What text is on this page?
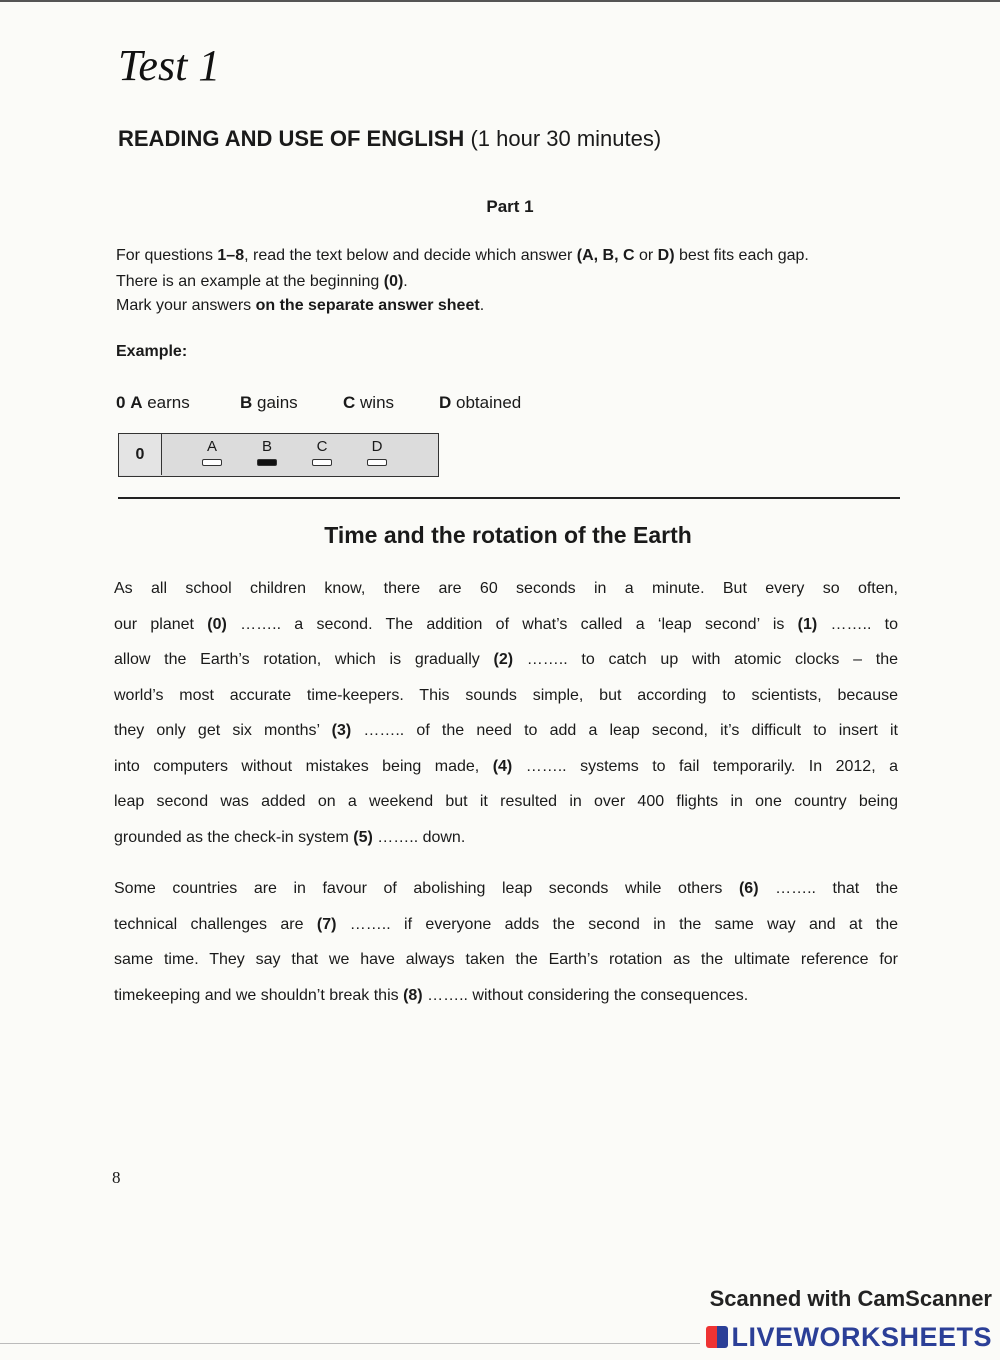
Test 1
READING AND USE OF ENGLISH (1 hour 30 minutes)
Part 1
For questions 1–8, read the text below and decide which answer (A, B, C or D) best fits each gap.
There is an example at the beginning (0).
Mark your answers on the separate answer sheet.
Example:
0 A earns	B gains	C wins	D obtained
0	A	B	C	D
Time and the rotation of the Earth
As all school children know, there are 60 seconds in a minute. But every so often,
our planet (0) …….. a second. The addition of what’s called a ‘leap second’ is (1) …….. to
allow the Earth’s rotation, which is gradually (2) …….. to catch up with atomic clocks – the
world’s most accurate time-keepers. This sounds simple, but according to scientists, because
they only get six months’ (3) …….. of the need to add a leap second, it’s difficult to insert it
into computers without mistakes being made, (4) …….. systems to fail temporarily. In 2012, a
leap second was added on a weekend but it resulted in over 400 flights in one country being
grounded as the check-in system (5) …….. down.
Some countries are in favour of abolishing leap seconds while others (6) …….. that the
technical challenges are (7) …….. if everyone adds the second in the same way and at the
same time. They say that we have always taken the Earth’s rotation as the ultimate reference for
timekeeping and we shouldn’t break this (8) …….. without considering the consequences.
8
Scanned with CamScanner
LIVEWORKSHEETS
